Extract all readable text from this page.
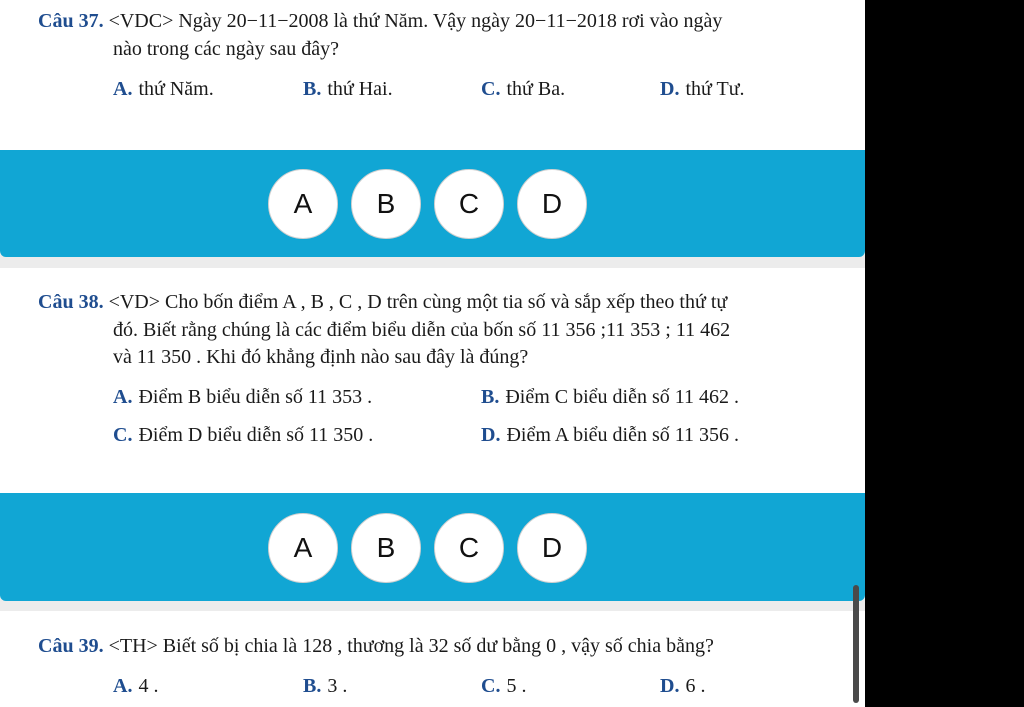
Câu 37. <VDC> Ngày 20−11−2008 là thứ Năm. Vậy ngày 20−11−2018 rơi vào ngày
nào trong các ngày sau đây?
A. thứ Năm.	B. thứ Hai.	C. thứ Ba.	D. thứ Tư.
A	B	C	D
Câu 38. <VD> Cho bốn điểm A , B , C , D trên cùng một tia số và sắp xếp theo thứ tự
đó. Biết rằng chúng là các điểm biểu diễn của bốn số 11 356 ;11 353 ; 11 462
và 11 350 . Khi đó khẳng định nào sau đây là đúng?
A. Điểm B biểu diễn số 11 353 .	B. Điểm C biểu diễn số 11 462 .
C. Điểm D biểu diễn số 11 350 .	D. Điểm A biểu diễn số 11 356 .
A	B	C	D
Câu 39. <TH> Biết số bị chia là 128 , thương là 32 số dư bằng 0 , vậy số chia bằng?
A. 4 .	B. 3 .	C. 5 .	D. 6 .
